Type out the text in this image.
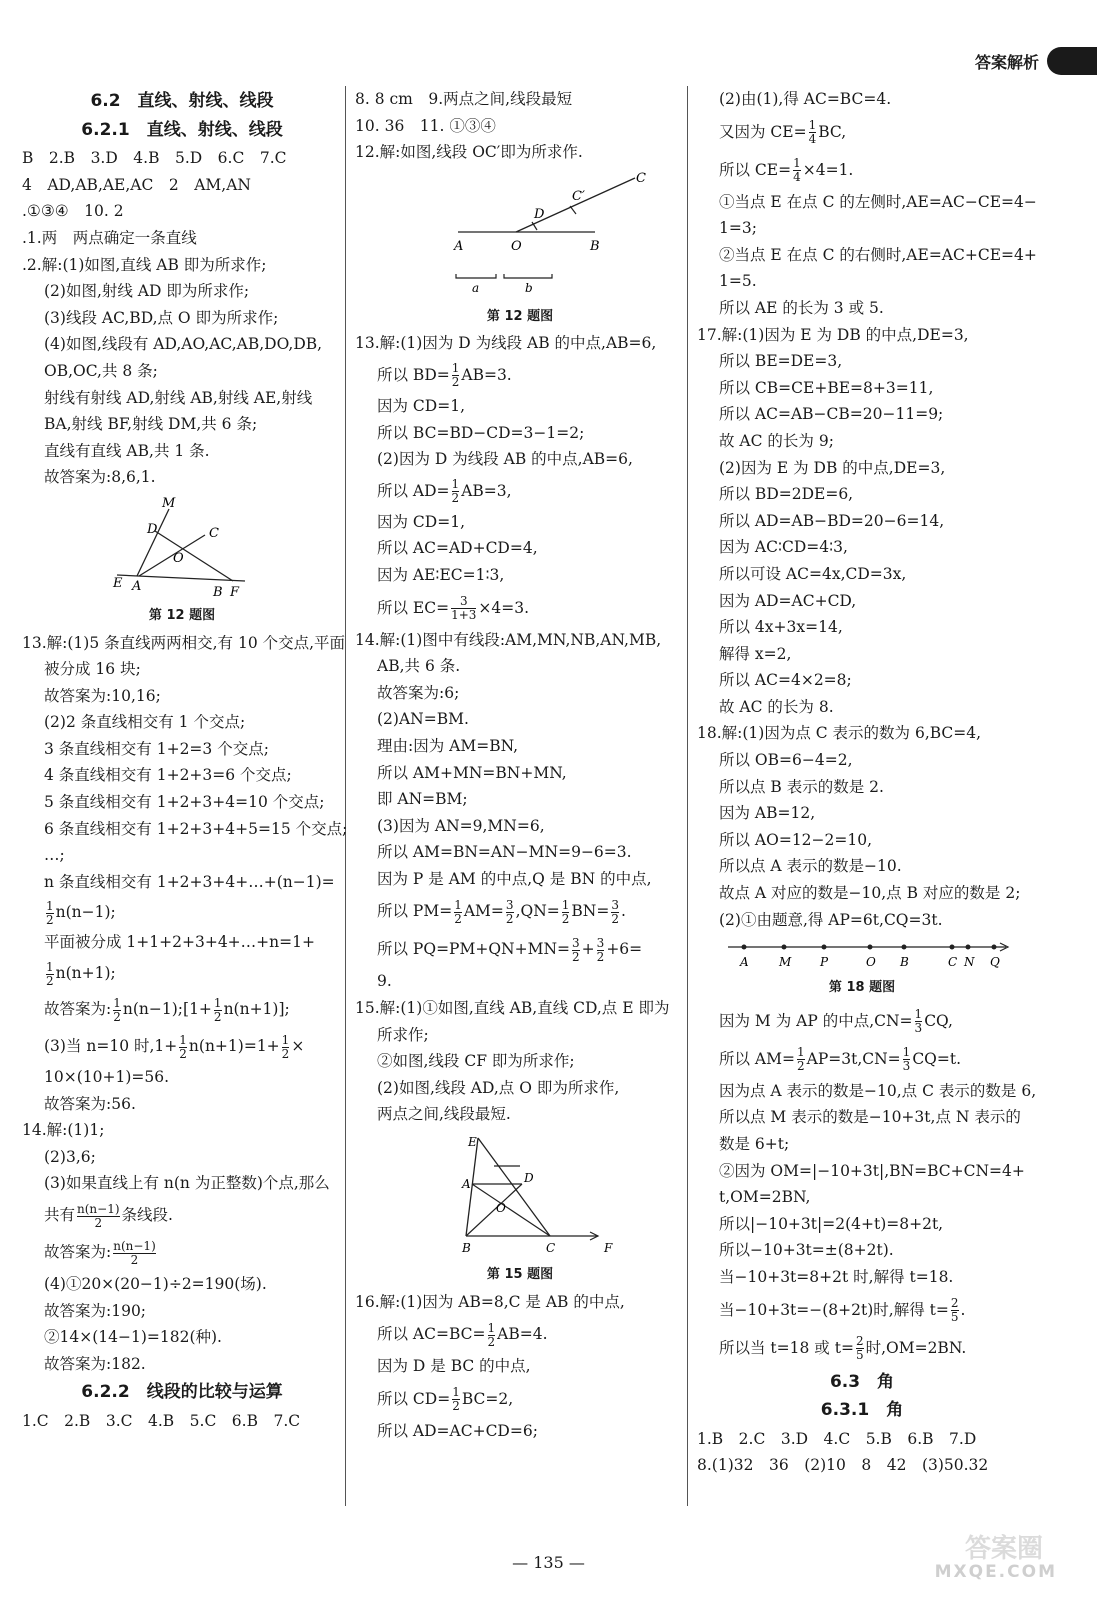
答案解析
6.2　直线、射线、线段
6.2.1　直线、射线、线段
B　2.B　3.D　4.B　5.D　6.C　7.C
4　AD,AB,AE,AC　2　AM,AN
.①③④　10. 2
.1.两　两点确定一条直线
.2.解:(1)如图,直线 AB 即为所求作;
(2)如图,射线 AD 即为所求作;
(3)线段 AC,BD,点 O 即为所求作;
(4)如图,线段有 AD,AO,AC,AB,DO,DB,
OB,OC,共 8 条;
射线有射线 AD,射线 AB,射线 AE,射线
BA,射线 BF,射线 DM,共 6 条;
直线有直线 AB,共 1 条.
故答案为:8,6,1.
M
D	C
O
E A	B F
第 12 题图
13.解:(1)5 条直线两两相交,有 10 个交点,平面
被分成 16 块;
故答案为:10,16;
(2)2 条直线相交有 1 个交点;
3 条直线相交有 1+2=3 个交点;
4 条直线相交有 1+2+3=6 个交点;
5 条直线相交有 1+2+3+4=10 个交点;
6 条直线相交有 1+2+3+4+5=15 个交点;
…;
n 条直线相交有 1+2+3+4+…+(n−1)=
$\frac{1}{2} n(n-1)$;
平面被分成 1+1+2+3+4+…+n=1+
$\frac{1}{2} n(n+1)$;
故答案为: $\frac{1}{2}$ n(n−1);[1+ $\frac{1}{2} n(n+1)$];
(3)当 n=10 时$,1+ \frac{1}{2} n(n+1)=1+ \frac{1}{2}$ ×
10×(10+1)=56.
故答案为:56.
14.解:(1)1;
(2)3,6;
(3)如果直线上有 n(n 为正整数)个点,那么
共有 $\frac{n(n-1)}{2}$ 条线段.
故答案为: $\frac{n(n-1)}{2}$
(4)①20×(20−1)÷2=190(场).
故答案为:190;
②14×(14−1)=182(种).
故答案为:182.
6.2.2　线段的比较与运算
1.C　2.B　3.C　4.B　5.C　6.B　7.C
8. 8 cm　9.两点之间,线段最短
10. 36　11. ①③④
12.解:如图,线段 OC′即为所求作.
C
C′
D
A	O	B
a	b
第 12 题图
13.解:(1)因为 D 为线段 AB 的中点,AB=6,
所以 $BD= \frac{1}{2} AB=3$.
因为 CD=1,
所以 BC=BD−CD=3−1=2;
(2)因为 D 为线段 AB 的中点,AB=6,
所以 $AD= \frac{1}{2} AB=3$,
因为 CD=1,
所以 AC=AD+CD=4,
因为 AE∶EC=1∶3,
所以 $EC= \frac{3}{1+3} \times 4=3$.
14.解:(1)图中有线段:AM,MN,NB,AN,MB,
AB,共 6 条.
故答案为:6;
(2)AN=BM.
理由:因为 AM=BN,
所以 AM+MN=BN+MN,
即 AN=BM;
(3)因为 AN=9,MN=6,
所以 AM=BN=AN−MN=9−6=3.
因为 P 是 AM 的中点,Q 是 BN 的中点,
所以 $PM= \frac{1}{2} AM= \frac{3}{2} ,QN= \frac{1}{2} BN= \frac{3}{2}$ .
所以 $PQ=PM+QN+MN= \frac{3}{2} + \frac{3}{2} +6=$
9.
15.解:(1)①如图,直线 AB,直线 CD,点 E 即为
所求作;
②如图,线段 CF 即为所求作;
(2)如图,线段 AD,点 O 即为所求作,
两点之间,线段最短.
E
D
A
O
B	C	F
第 15 题图
16.解:(1)因为 AB=8,C 是 AB 的中点,
所以 $AC=BC= \frac{1}{2} AB=4$.
因为 D 是 BC 的中点,
所以 $CD= \frac{1}{2} BC=2$,
所以 AD=AC+CD=6;
(2)由(1),得 AC=BC=4.
又因为 $CE= \frac{1}{4}$ BC,
所以 $CE= \frac{1}{4} \times 4=1$.
①当点 E 在点 C 的左侧时,AE=AC−CE=4−
1=3;
②当点 E 在点 C 的右侧时,AE=AC+CE=4+
1=5.
所以 AE 的长为 3 或 5.
17.解:(1)因为 E 为 DB 的中点,DE=3,
所以 BE=DE=3,
所以 CB=CE+BE=8+3=11,
所以 AC=AB−CB=20−11=9;
故 AC 的长为 9;
(2)因为 E 为 DB 的中点,DE=3,
所以 BD=2DE=6,
所以 AD=AB−BD=20−6=14,
因为 AC∶CD=4∶3,
所以可设 AC=4x,CD=3x,
因为 AD=AC+CD,
所以 4x+3x=14,
解得 x=2,
所以 AC=4×2=8;
故 AC 的长为 8.
18.解:(1)因为点 C 表示的数为 6,BC=4,
所以 OB=6−4=2,
所以点 B 表示的数是 2.
因为 AB=12,
所以 AO=12−2=10,
所以点 A 表示的数是−10.
故点 A 对应的数是−10,点 B 对应的数是 2;
(2)①由题意,得 AP=6t,CQ=3t.
A	M P	O B	C N Q
第 18 题图
因为 M 为 AP 的中点$,CN= \frac{1}{3}$ CQ,
所以 $AM= \frac{1}{2} AP=3t,CN= \frac{1}{3} CQ=t$.
因为点 A 表示的数是−10,点 C 表示的数是 6,
所以点 M 表示的数是−10+3t,点 N 表示的
数是 6+t;
②因为 OM=|−10+3t|,BN=BC+CN=4+
t,OM=2BN,
所以|−10+3t|=2(4+t)=8+2t,
所以−10+3t=±(8+2t).
当−10+3t=8+2t 时,解得 t=18.
当−10+3t=−(8+2t)时,解得 $t= \frac{2}{5}$ .
所以当 t=18 或 $t= \frac{2}{5}$ 时,OM=2BN.
6.3　角
6.3.1　角
1.B　2.C　3.D　4.C　5.B　6.B　7.D
8.(1)32　36　(2)10　8　42　(3)50.32
— 135 —	答案圈
MXQE.COM
